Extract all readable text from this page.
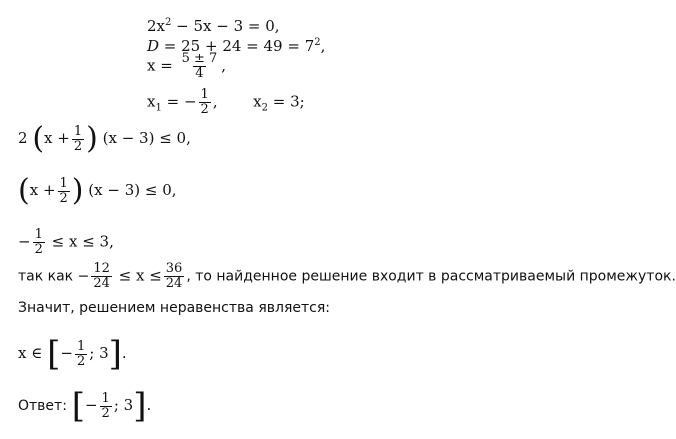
$2x^2 - 5x - 3 = 0$,
$D = 25 + 24 = 49 = 7^2$,
$x = \frac{5 \pm 7}{4}$ ,
$x_1$ = − $\frac{1}{2}$ , $x_2 = 3$;
2 ($x + \frac{1}{2}$ ) (x − 3) ≤ 0,
($x + \frac{1}{2}$ ) (x − 3) ≤ 0,
− $\frac{1}{2} \le x \le 3$,
так как − $\frac{12}{24} \le x \le \frac{36}{24}$ , то найденное решение входит в рассматриваемый промежуток.
Значит, решением неравенства является:
x ∈ [− $\frac{1}{2}$ ; 3].
Ответ: [− $\frac{1}{2}$ ; 3].
